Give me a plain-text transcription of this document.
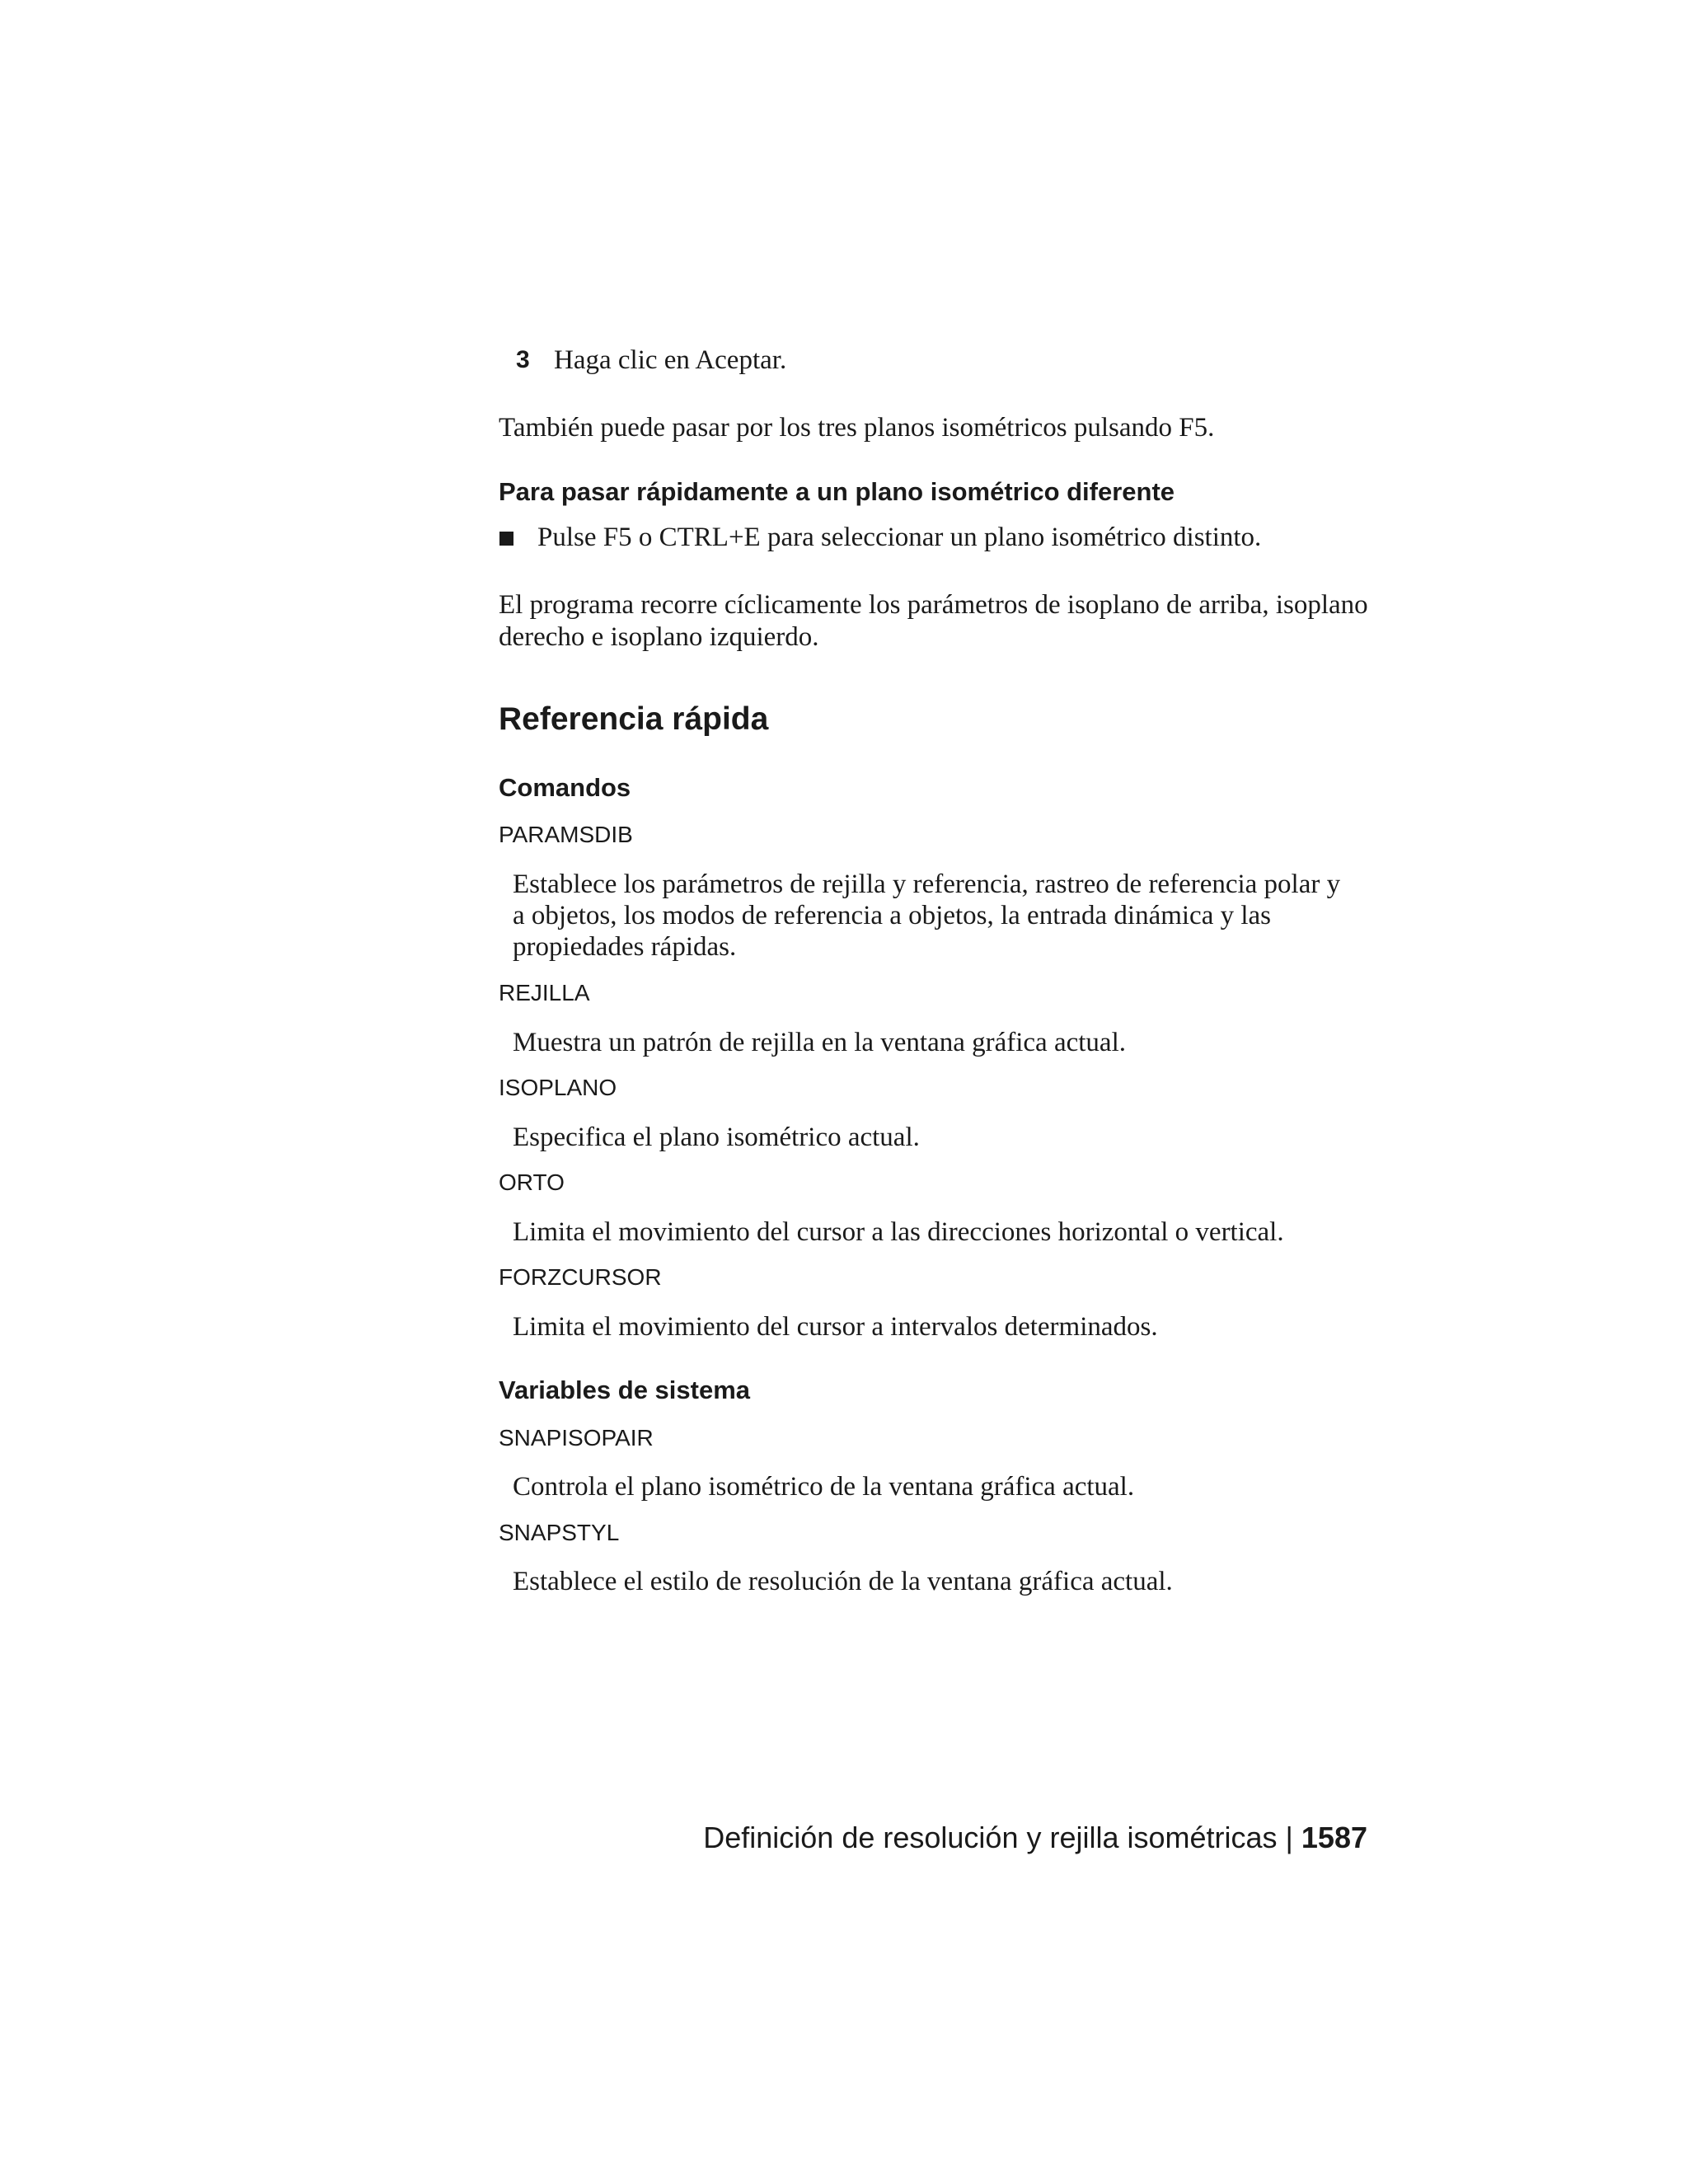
3 Haga clic en Aceptar.
También puede pasar por los tres planos isométricos pulsando F5.
Para pasar rápidamente a un plano isométrico diferente
Pulse F5 o CTRL+E para seleccionar un plano isométrico distinto.
El programa recorre cíclicamente los parámetros de isoplano de arriba, isoplano
derecho e isoplano izquierdo.
Referencia rápida
Comandos
PARAMSDIB
Establece los parámetros de rejilla y referencia, rastreo de referencia polar y
a objetos, los modos de referencia a objetos, la entrada dinámica y las
propiedades rápidas.
REJILLA
Muestra un patrón de rejilla en la ventana gráfica actual.
ISOPLANO
Especifica el plano isométrico actual.
ORTO
Limita el movimiento del cursor a las direcciones horizontal o vertical.
FORZCURSOR
Limita el movimiento del cursor a intervalos determinados.
Variables de sistema
SNAPISOPAIR
Controla el plano isométrico de la ventana gráfica actual.
SNAPSTYL
Establece el estilo de resolución de la ventana gráfica actual.
Definición de resolución y rejilla isométricas | 1587
